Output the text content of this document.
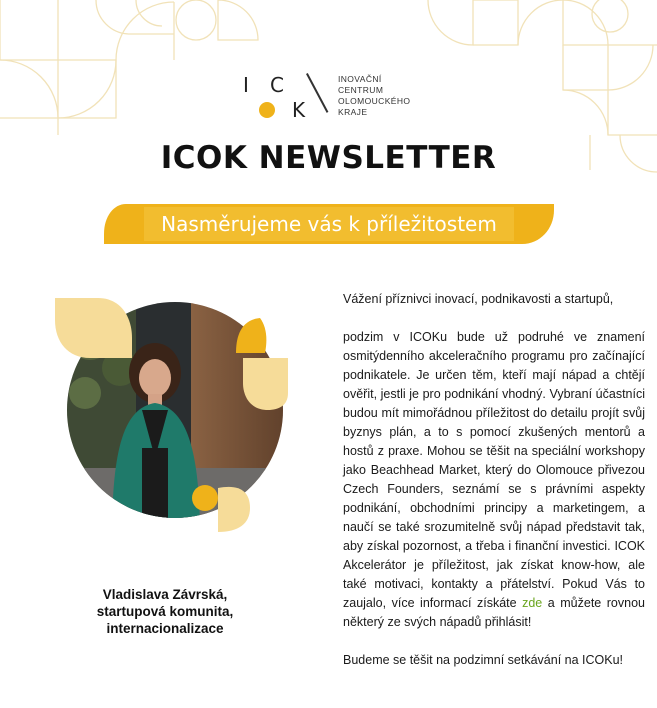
I C
K
INOVAČNÍ
CENTRUM
OLOMOUCKÉHO
KRAJE
ICOK NEWSLETTER
Nasměrujeme vás k příležitostem
Vladislava Závrská,
startupová komunita,
internacionalizace

Vážení příznivci inovací, podnikavosti a startupů,

podzim v ICOKu bude už podruhé ve znamení osmitýdenního akceleračního programu pro začínající podnikatele. Je určen těm, kteří mají nápad a chtějí ověřit, jestli je pro podnikání vhodný. Vybraní účastníci budou mít mimořádnou příležitost do detailu projít svůj byznys plán, a to s pomocí zkušených mentorů a hostů z praxe. Mohou se těšit na speciální workshopy jako Beachhead Market, který do Olomouce přivezou Czech Founders, seznámí se s právními aspekty podnikání, obchodními principy a marketingem, a naučí se také srozumitelně svůj nápad představit tak, aby získal pozornost, a třeba i finanční investici. ICOK Akcelerátor je příležitost, jak získat know-how, ale také motivaci, kontakty a přátelství. Pokud Vás to zaujalo, více informací získáte zde a můžete rovnou některý ze svých nápadů přihlásit!

Budeme se těšit na podzimní setkávání na ICOKu!
